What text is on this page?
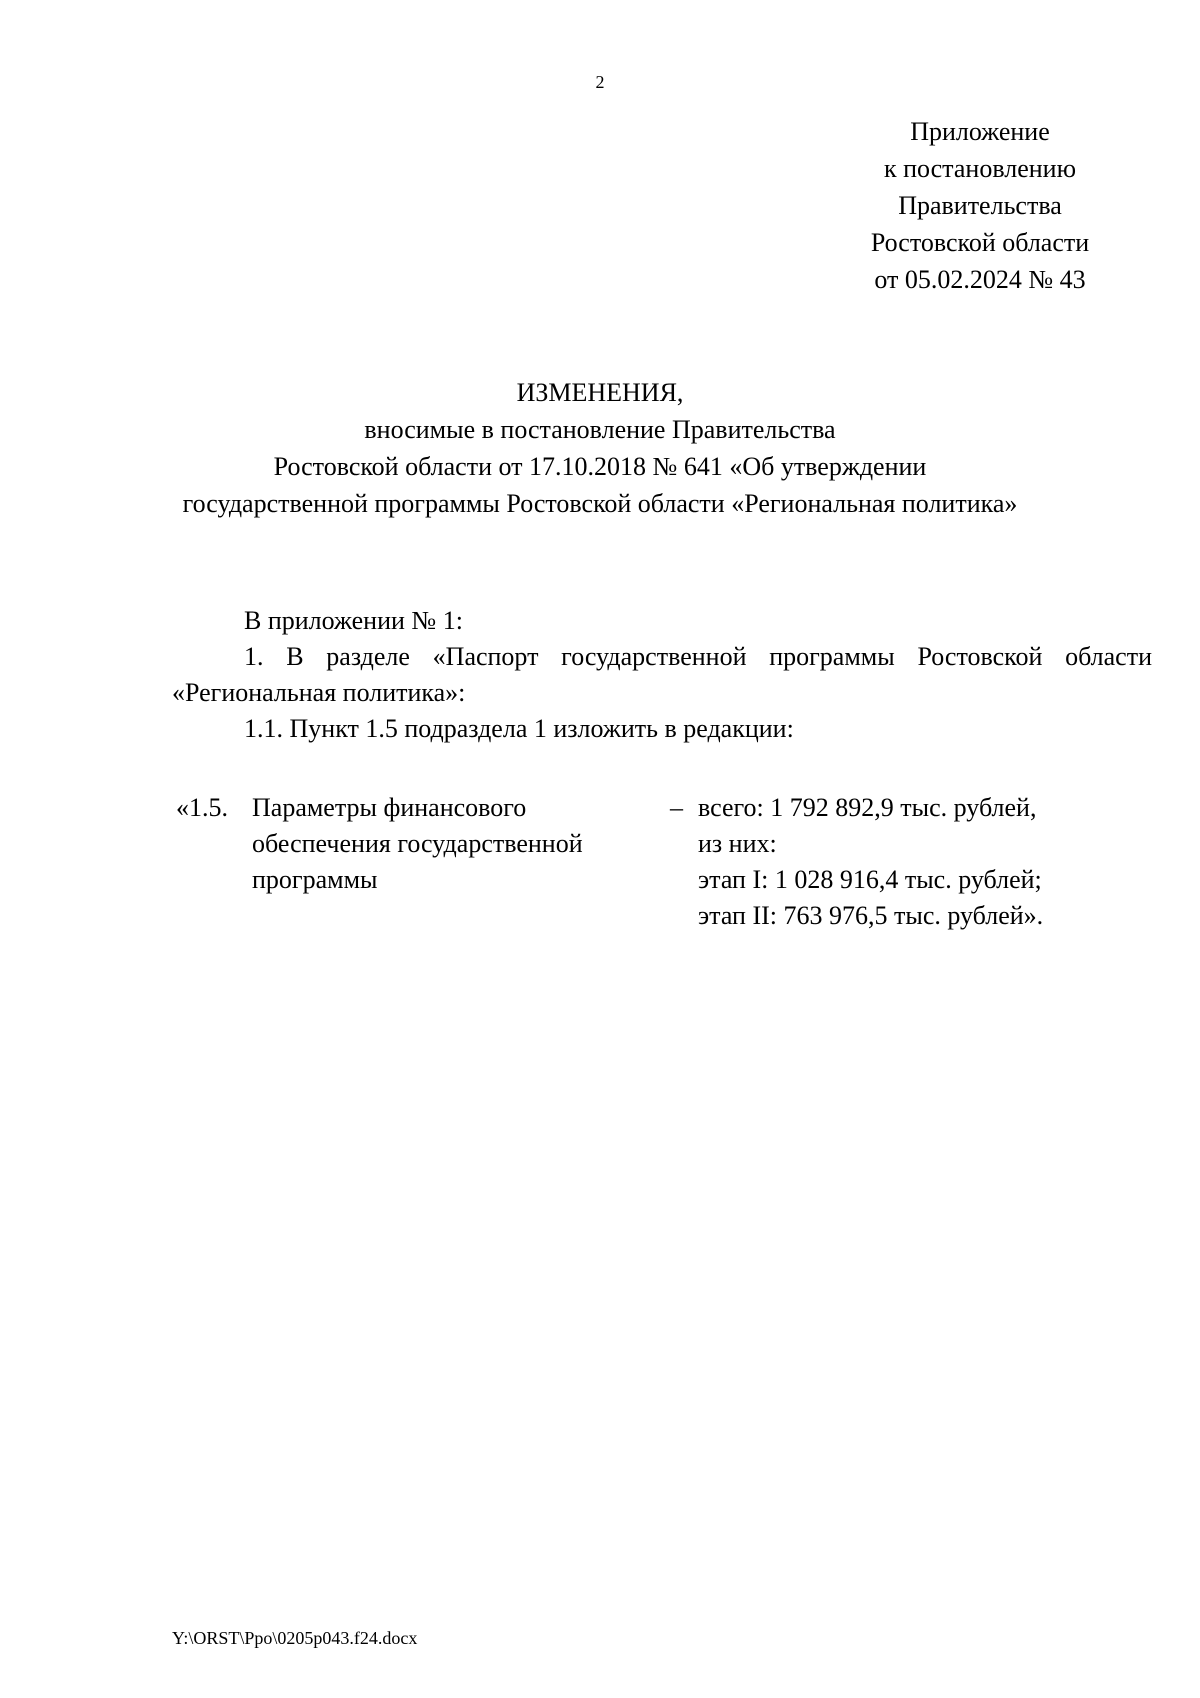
2
Приложение
к постановлению
Правительства
Ростовской области
от 05.02.2024 № 43
ИЗМЕНЕНИЯ,
вносимые в постановление Правительства
Ростовской области от 17.10.2018 № 641 «Об утверждении
государственной программы Ростовской области «Региональная политика»
В приложении № 1:
1. В разделе «Паспорт государственной программы Ростовской области «Региональная политика»:
1.1. Пункт 1.5 подраздела 1 изложить в редакции:
«1.5. Параметры финансового обеспечения государственной программы
– всего: 1 792 892,9 тыс. рублей,
из них:
этап I: 1 028 916,4 тыс. рублей;
этап II: 763 976,5 тыс. рублей».
Y:\ORST\Ppo\0205p043.f24.docx
